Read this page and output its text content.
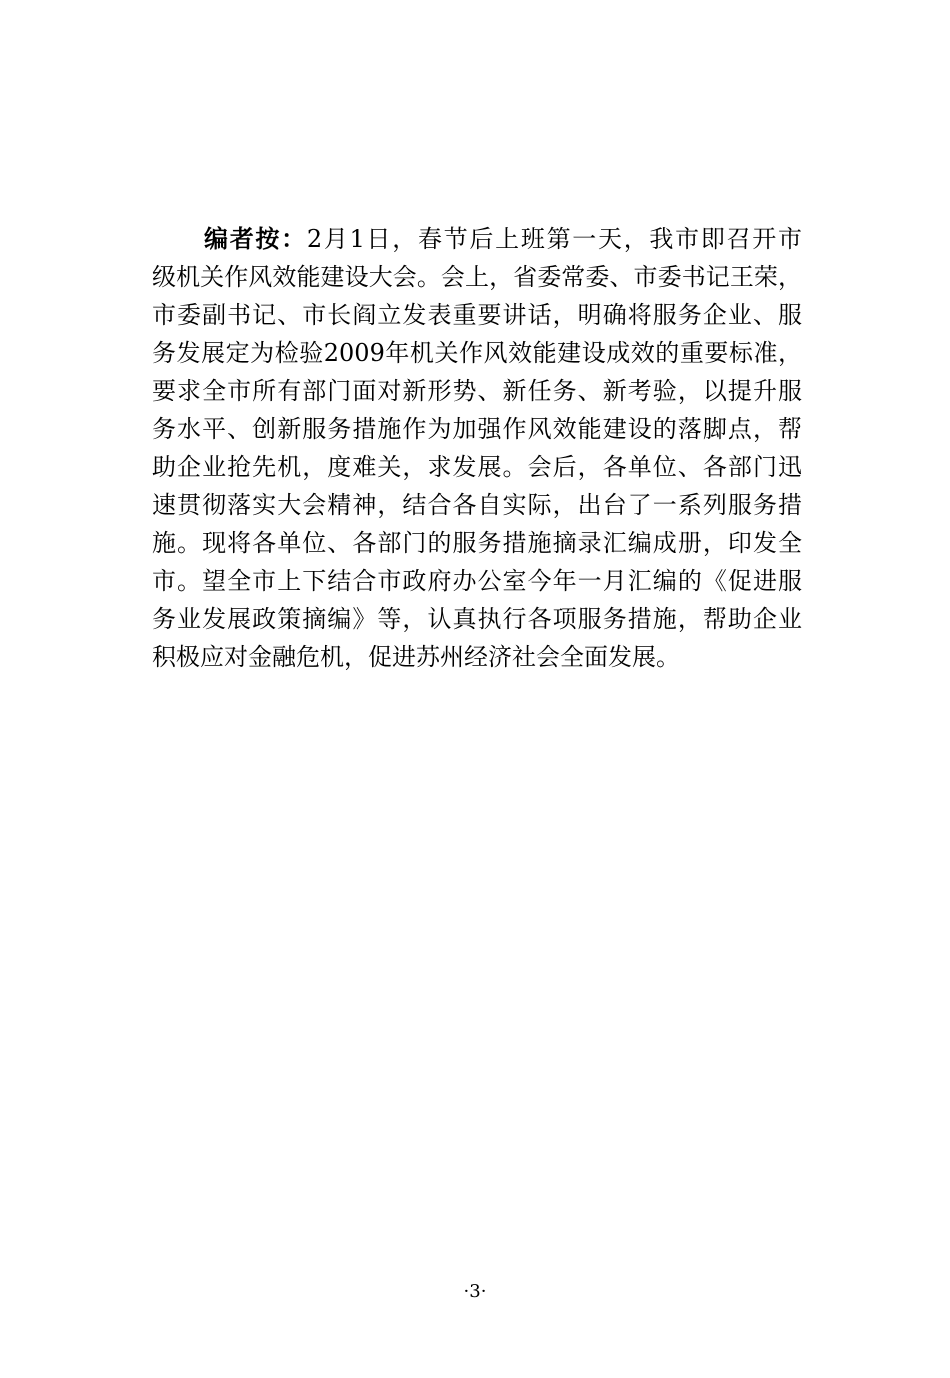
编者按：2月1日，春节后上班第一天，我市即召开市
级机关作风效能建设大会。会上，省委常委、市委书记王荣，
市委副书记、市长阎立发表重要讲话，明确将服务企业、服
务发展定为检验2009年机关作风效能建设成效的重要标准，
要求全市所有部门面对新形势、新任务、新考验，以提升服
务水平、创新服务措施作为加强作风效能建设的落脚点，帮
助企业抢先机，度难关，求发展。会后，各单位、各部门迅
速贯彻落实大会精神，结合各自实际，出台了一系列服务措
施。现将各单位、各部门的服务措施摘录汇编成册，印发全
市。望全市上下结合市政府办公室今年一月汇编的《促进服
务业发展政策摘编》等，认真执行各项服务措施，帮助企业
积极应对金融危机，促进苏州经济社会全面发展。
·3·
